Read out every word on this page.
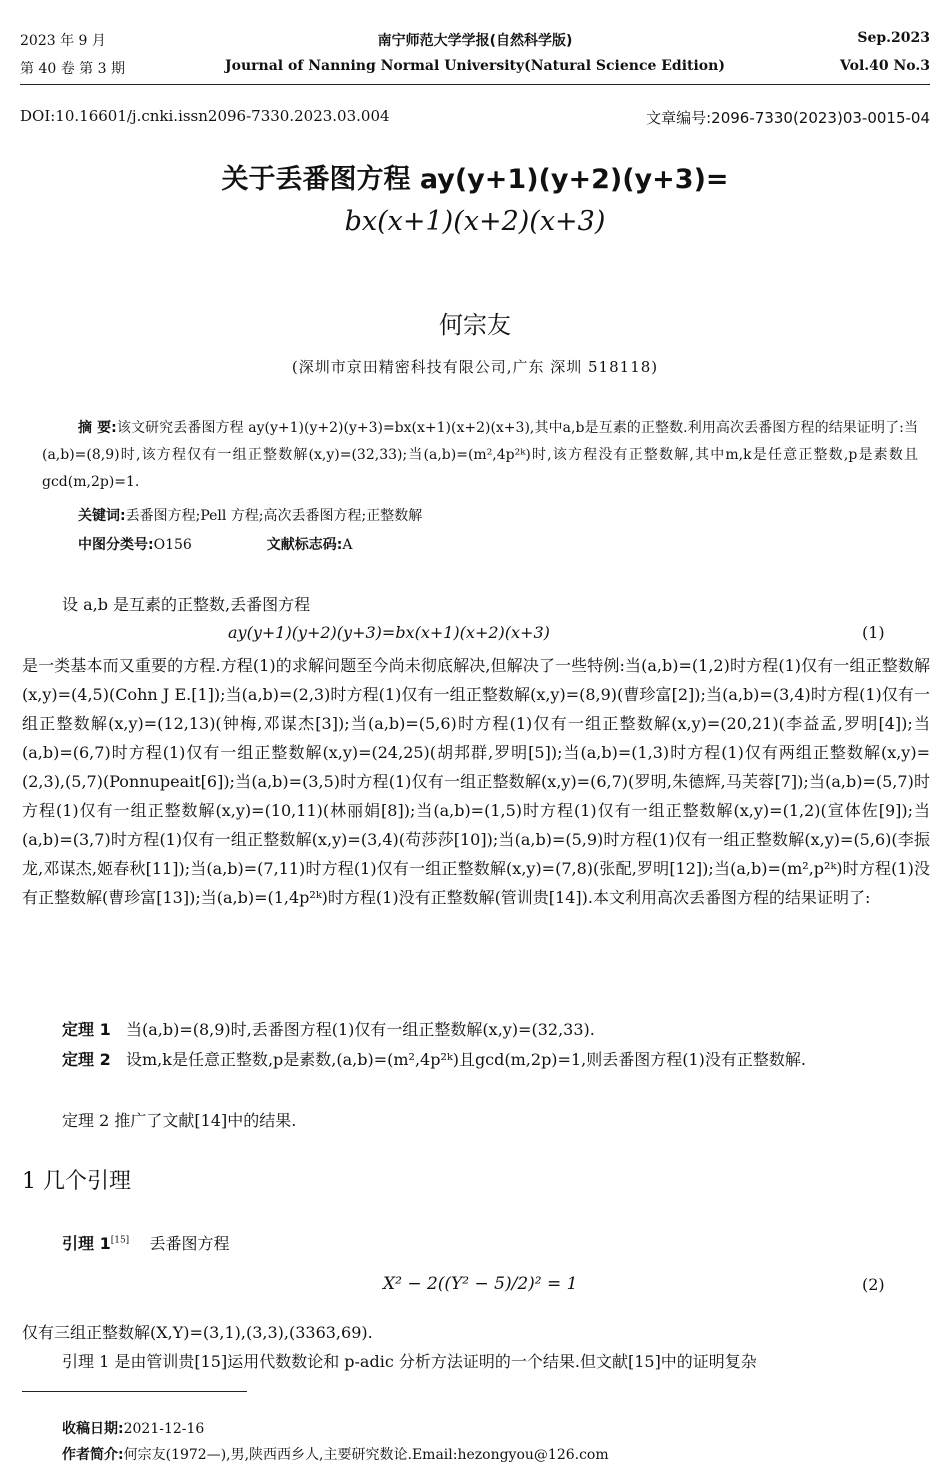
2023 年 9 月
第 40 卷 第 3 期
南宁师范大学学报(自然科学版)
Journal of Nanning Normal University(Natural Science Edition)
Sep.2023
Vol.40 No.3
DOI:10.16601/j.cnki.issn2096-7330.2023.03.004	文章编号:2096-7330(2023)03-0015-04
关于丢番图方程 ay(y+1)(y+2)(y+3)=
bx(x+1)(x+2)(x+3)
何宗友
(深圳市京田精密科技有限公司,广东 深圳 518118)
摘 要:该文研究丢番图方程 ay(y+1)(y+2)(y+3)=bx(x+1)(x+2)(x+3),其中a,b是互素的正整数.利用高次丢番图方程的结果证明了:当(a,b)=(8,9)时,该方程仅有一组正整数解(x,y)=(32,33);当(a,b)=(m²,4p²ᵏ)时,该方程没有正整数解,其中m,k是任意正整数,p是素数且gcd(m,2p)=1.
关键词:丢番图方程;Pell 方程;高次丢番图方程;正整数解
中图分类号:O156	文献标志码:A
设 a,b 是互素的正整数,丢番图方程
ay(y+1)(y+2)(y+3)=bx(x+1)(x+2)(x+3)	(1)
是一类基本而又重要的方程.方程(1)的求解问题至今尚未彻底解决,但解决了一些特例:当(a,b)=(1,2)时方程(1)仅有一组正整数解(x,y)=(4,5)(Cohn J E.[1]);当(a,b)=(2,3)时方程(1)仅有一组正整数解(x,y)=(8,9)(曹珍富[2]);当(a,b)=(3,4)时方程(1)仅有一组正整数解(x,y)=(12,13)(钟梅,邓谋杰[3]);当(a,b)=(5,6)时方程(1)仅有一组正整数解(x,y)=(20,21)(李益孟,罗明[4]);当(a,b)=(6,7)时方程(1)仅有一组正整数解(x,y)=(24,25)(胡邦群,罗明[5]);当(a,b)=(1,3)时方程(1)仅有两组正整数解(x,y)=(2,3),(5,7)(Ponnupeait[6]);当(a,b)=(3,5)时方程(1)仅有一组正整数解(x,y)=(6,7)(罗明,朱德辉,马芙蓉[7]);当(a,b)=(5,7)时方程(1)仅有一组正整数解(x,y)=(10,11)(林丽娟[8]);当(a,b)=(1,5)时方程(1)仅有一组正整数解(x,y)=(1,2)(宣体佐[9]);当(a,b)=(3,7)时方程(1)仅有一组正整数解(x,y)=(3,4)(苟莎莎[10]);当(a,b)=(5,9)时方程(1)仅有一组正整数解(x,y)=(5,6)(李振龙,邓谋杰,姬春秋[11]);当(a,b)=(7,11)时方程(1)仅有一组正整数解(x,y)=(7,8)(张配,罗明[12]);当(a,b)=(m²,p²ᵏ)时方程(1)没有正整数解(曹珍富[13]);当(a,b)=(1,4p²ᵏ)时方程(1)没有正整数解(管训贵[14]).本文利用高次丢番图方程的结果证明了:
定理 1 当(a,b)=(8,9)时,丢番图方程(1)仅有一组正整数解(x,y)=(32,33).
定理 2 设m,k是任意正整数,p是素数,(a,b)=(m²,4p²ᵏ)且gcd(m,2p)=1,则丢番图方程(1)没有正整数解.
定理 2 推广了文献[14]中的结果.
1 几个引理
引理 1[15] 丢番图方程
X² − 2((Y² − 5)/2)² = 1	(2)
仅有三组正整数解(X,Y)=(3,1),(3,3),(3363,69).
引理 1 是由管训贵[15]运用代数数论和 p-adic 分析方法证明的一个结果.但文献[15]中的证明复杂
收稿日期:2021-12-16
作者简介:何宗友(1972—),男,陕西西乡人,主要研究数论.Email:hezongyou@126.com
